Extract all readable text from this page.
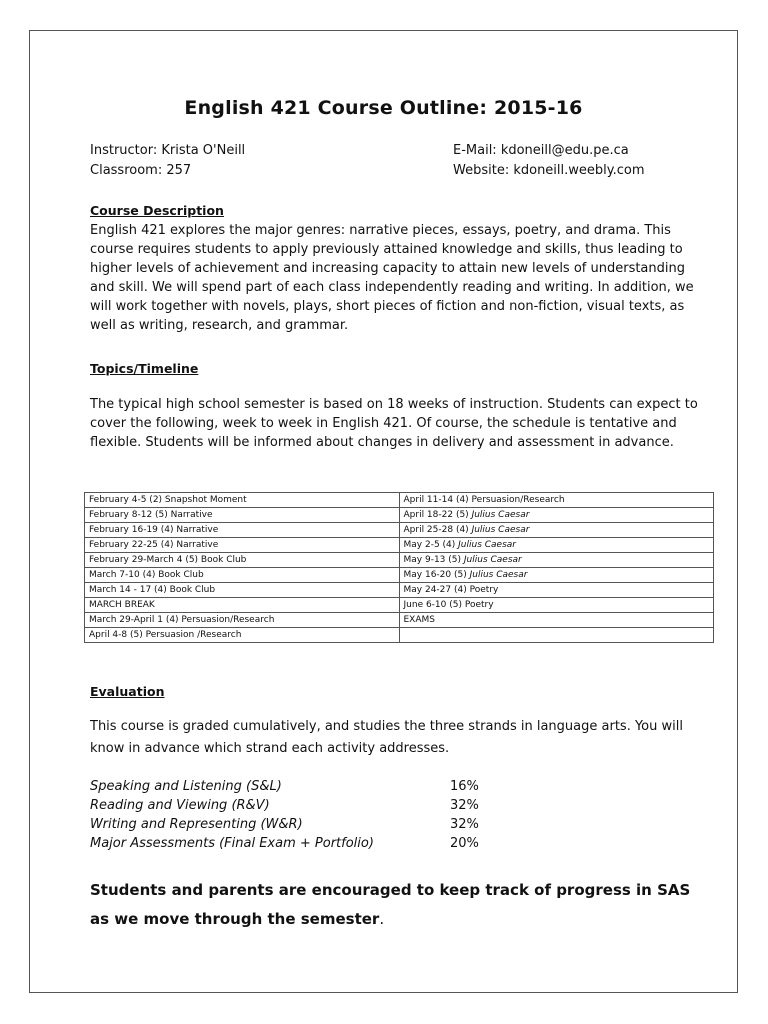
English 421 Course Outline: 2015-16
Instructor: Krista O'Neill
Classroom: 257
E-Mail: kdoneill@edu.pe.ca
Website: kdoneill.weebly.com
Course Description
English 421 explores the major genres: narrative pieces, essays, poetry, and drama. This course requires students to apply previously attained knowledge and skills, thus leading to higher levels of achievement and increasing capacity to attain new levels of understanding and skill. We will spend part of each class independently reading and writing. In addition, we will work together with novels, plays, short pieces of fiction and non-fiction, visual texts, as well as writing, research, and grammar.
Topics/Timeline
The typical high school semester is based on 18 weeks of instruction. Students can expect to cover the following, week to week in English 421. Of course, the schedule is tentative and flexible. Students will be informed about changes in delivery and assessment in advance.
February 4-5 (2) Snapshot Moment	April 11-14 (4) Persuasion/Research
February 8-12 (5) Narrative	April 18-22 (5) Julius Caesar
February 16-19 (4) Narrative	April 25-28 (4) Julius Caesar
February 22-25 (4) Narrative	May 2-5 (4) Julius Caesar
February 29-March 4 (5) Book Club	May 9-13 (5) Julius Caesar
March 7-10 (4) Book Club	May 16-20 (5) Julius Caesar
March 14 - 17 (4) Book Club	May 24-27 (4) Poetry
MARCH BREAK	June 6-10 (5) Poetry
March 29-April 1 (4) Persuasion/Research	EXAMS
April 4-8 (5) Persuasion /Research	
Evaluation
This course is graded cumulatively, and studies the three strands in language arts. You will know in advance which strand each activity addresses.
Speaking and Listening (S&L)	16%
Reading and Viewing (R&V)	32%
Writing and Representing (W&R)	32%
Major Assessments (Final Exam + Portfolio)	20%
Students and parents are encouraged to keep track of progress in SAS as we move through the semester.
